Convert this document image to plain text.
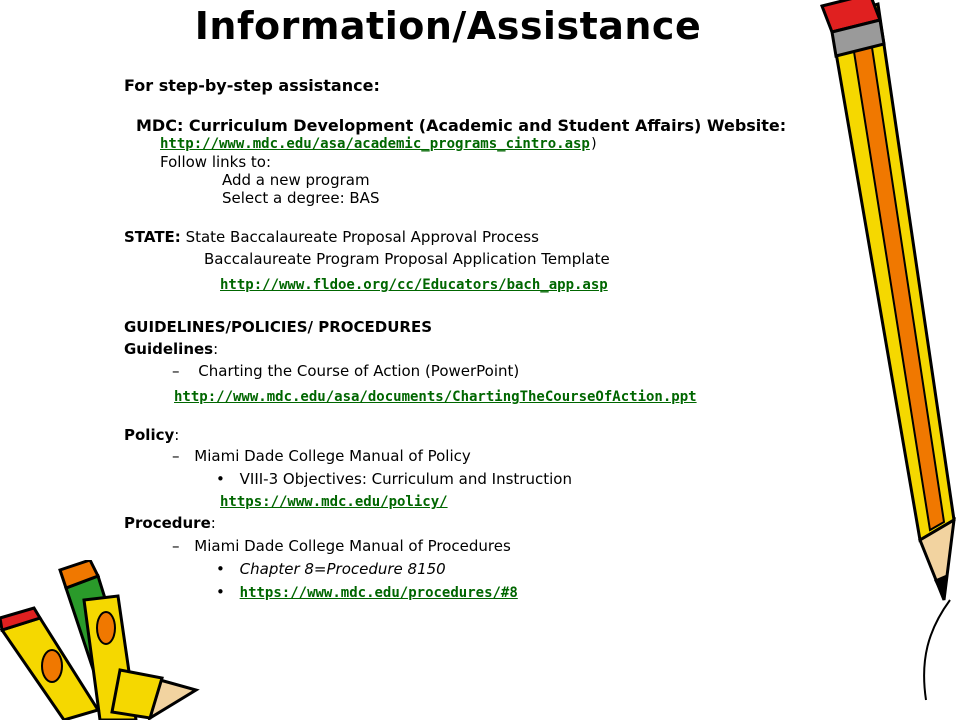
Information/Assistance
For step-by-step assistance:
MDC: Curriculum Development (Academic and Student Affairs) Website:
http://www.mdc.edu/asa/academic_programs_cintro.asp)
Follow links to:
Add a new program
Select a degree: BAS
STATE: State Baccalaureate Proposal Approval Process
Baccalaureate Program Proposal Application Template
http://www.fldoe.org/cc/Educators/bach_app.asp
GUIDELINES/POLICIES/ PROCEDURES
Guidelines:
– Charting the Course of Action (PowerPoint)
http://www.mdc.edu/asa/documents/ChartingTheCourseOfAction.ppt
Policy:
– Miami Dade College Manual of Policy
• VIII-3 Objectives: Curriculum and Instruction
https://www.mdc.edu/policy/
Procedure:
– Miami Dade College Manual of Procedures
• Chapter 8=Procedure 8150
• https://www.mdc.edu/procedures/#8
